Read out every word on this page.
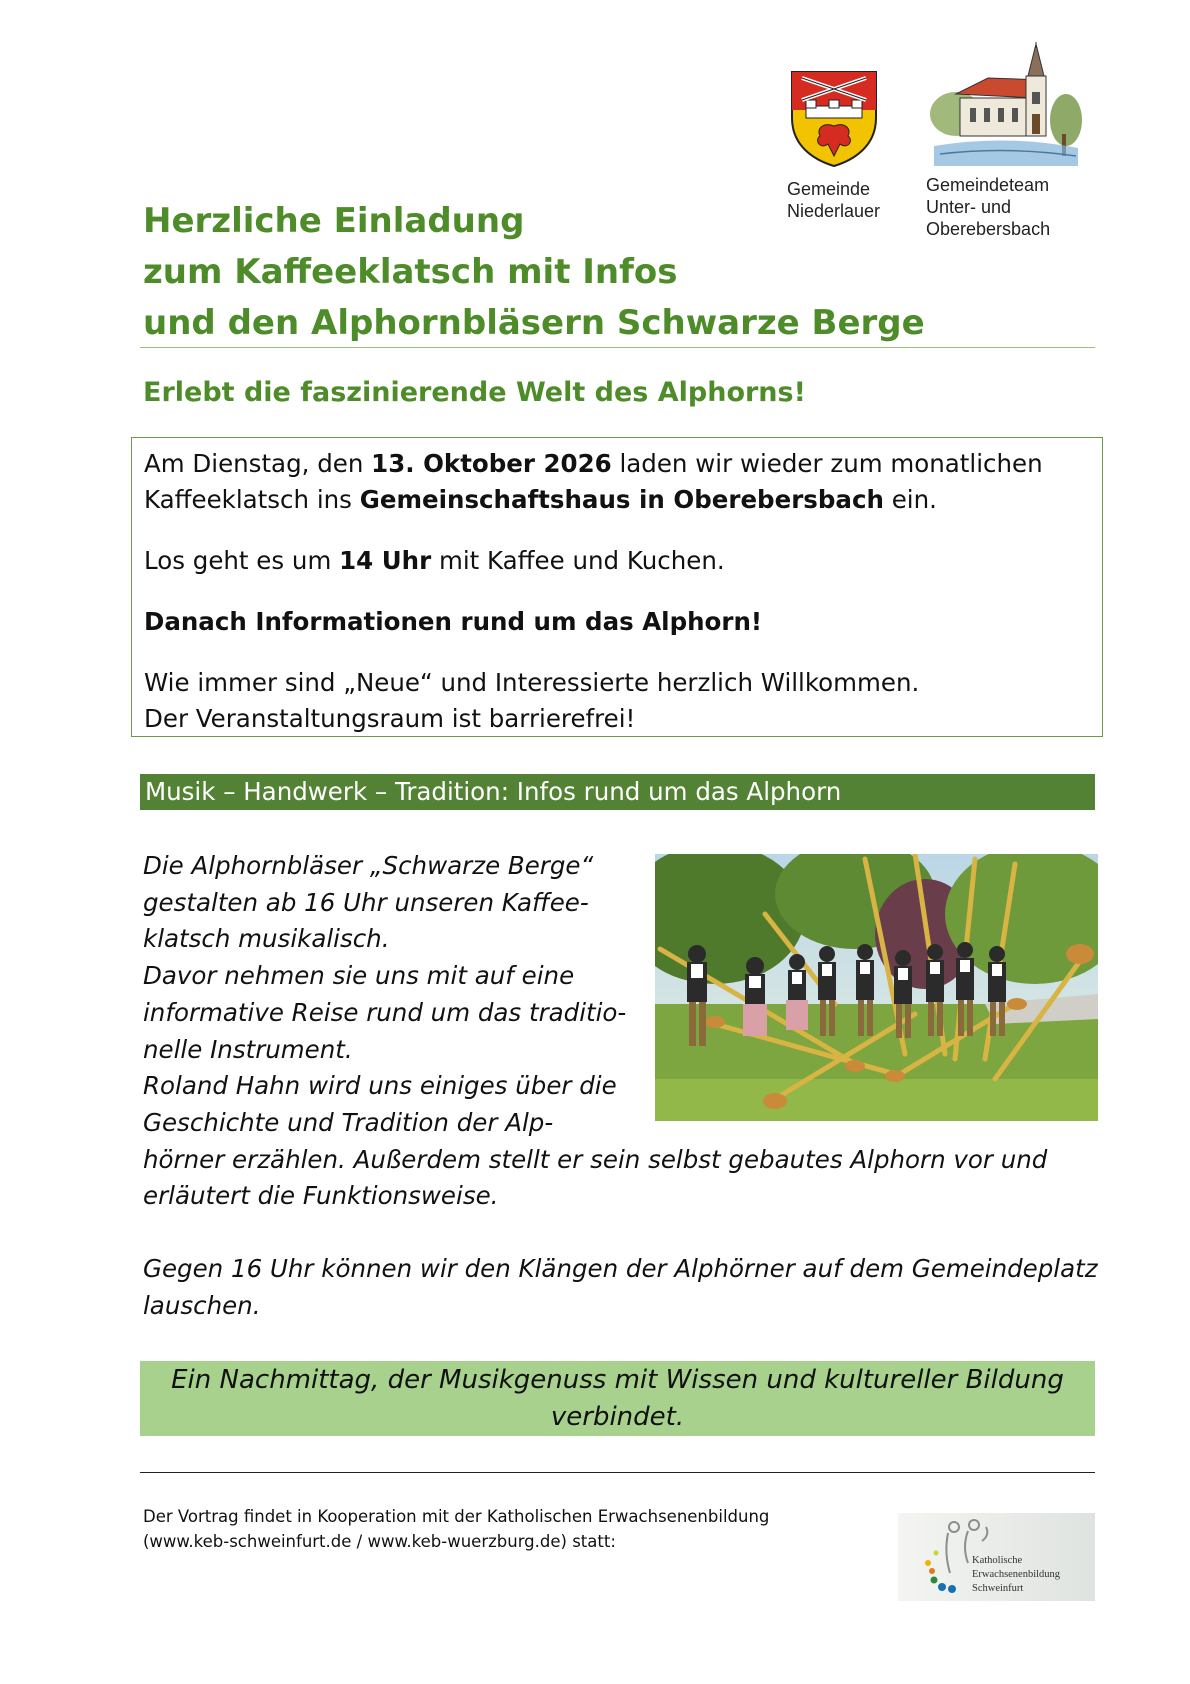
Gemeinde
Niederlauer
Gemeindeteam
Unter- und
Oberebersbach
Herzliche Einladung
zum Kaffeeklatsch mit Infos
und den Alphornbläsern Schwarze Berge
Erlebt die faszinierende Welt des Alphorns!

Am Dienstag, den 13. Oktober 2026 laden wir wieder zum monatlichen Kaffeeklatsch ins Gemeinschaftshaus in Oberebersbach ein.

Los geht es um 14 Uhr mit Kaffee und Kuchen.

Danach Informationen rund um das Alphorn!

Wie immer sind „Neue“ und Interessierte herzlich Willkommen.
Der Veranstaltungsraum ist barrierefrei!

Musik – Handwerk – Tradition: Infos rund um das Alphorn
Die Alphornbläser „Schwarze Berge“
gestalten ab 16 Uhr unseren Kaffee-
klatsch musikalisch.
Davor nehmen sie uns mit auf eine
informative Reise rund um das traditio-
nelle Instrument.
Roland Hahn wird uns einiges über die
Geschichte und Tradition der Alp-
hörner erzählen. Außerdem stellt er sein selbst gebautes Alphorn vor und
erläutert die Funktionsweise.
Gegen 16 Uhr können wir den Klängen der Alphörner auf dem Gemeindeplatz
lauschen.
Ein Nachmittag, der Musikgenuss mit Wissen und kultureller Bildung
verbindet.
Der Vortrag findet in Kooperation mit der Katholischen Erwachsenenbildung
(www.keb-schweinfurt.de / www.keb-wuerzburg.de) statt:
Katholische
Erwachsenenbildung
Schweinfurt
